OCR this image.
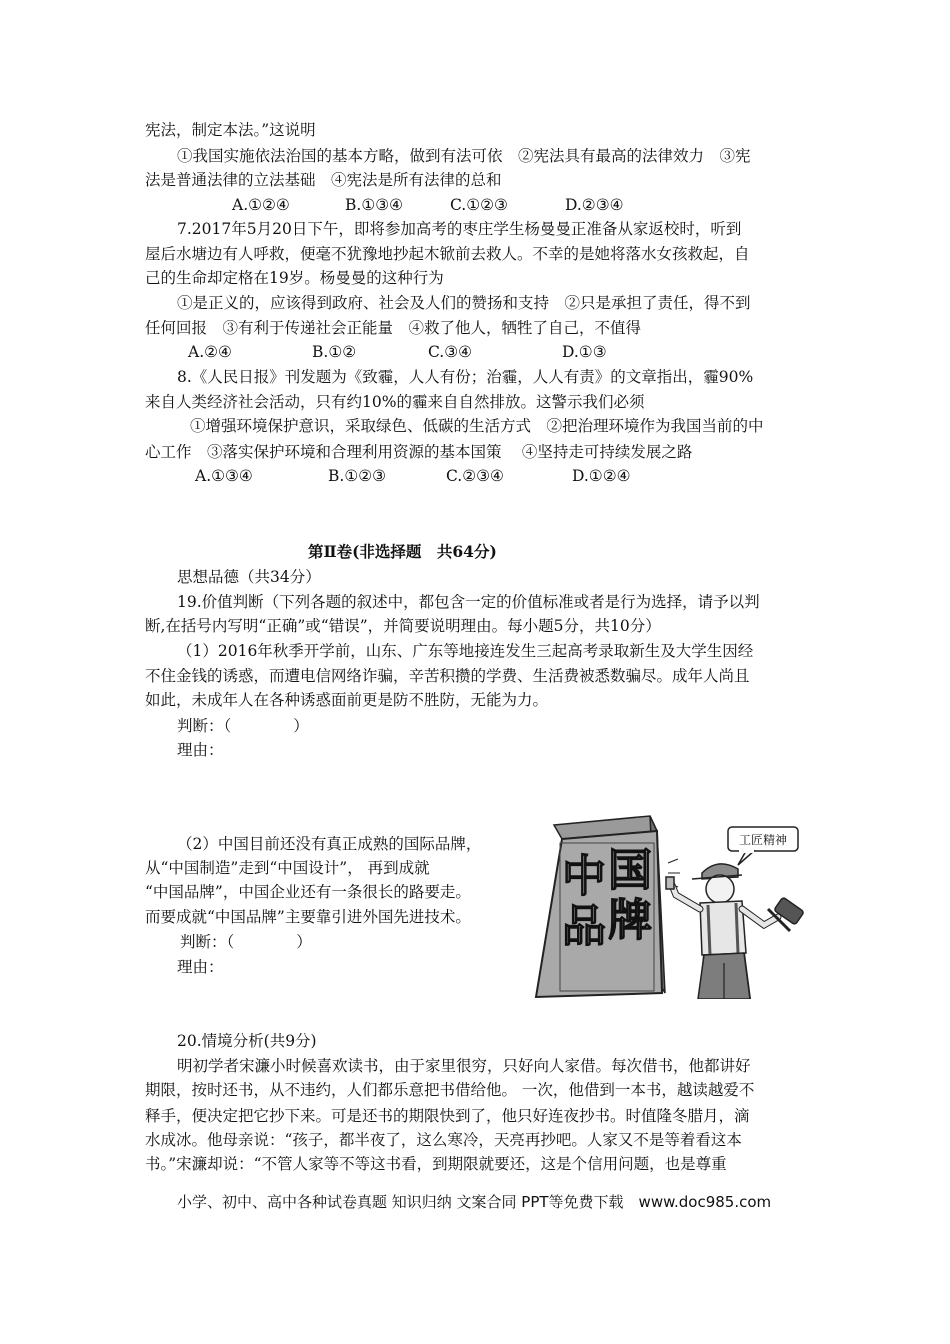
宪法，制定本法。”这说明
①我国实施依法治国的基本方略，做到有法可依　②宪法具有最高的法律效力　③宪
法是普通法律的立法基础　④宪法是所有法律的总和
A.①②④	B.①③④	C.①②③	D.②③④
7.2017年5月20日下午，即将参加高考的枣庄学生杨曼曼正准备从家返校时，听到
屋后水塘边有人呼救，便毫不犹豫地抄起木锨前去救人。不幸的是她将落水女孩救起，自
己的生命却定格在19岁。杨曼曼的这种行为
①是正义的，应该得到政府、社会及人们的赞扬和支持　②只是承担了责任，得不到
任何回报　③有利于传递社会正能量　④救了他人，牺牲了自己，不值得
A.②④	B.①②	C.③④	D.①③
8.《人民日报》刊发题为《致霾，人人有份；治霾，人人有责》的文章指出，霾90%
来自人类经济社会活动，只有约10%的霾来自自然排放。这警示我们必须
①增强环境保护意识，采取绿色、低碳的生活方式　②把治理环境作为我国当前的中
心工作　③落实保护环境和合理利用资源的基本国策　 ④坚持走可持续发展之路
A.①③④	B.①②③	C.②③④	D.①②④
第Ⅱ卷(非选择题　共64分)
思想品德（共34分）
19.价值判断（下列各题的叙述中，都包含一定的价值标准或者是行为选择，请予以判
断,在括号内写明“正确”或“错误”，并简要说明理由。每小题5分，共10分）
（1）2016年秋季开学前，山东、广东等地接连发生三起高考录取新生及大学生因经
不住金钱的诱惑，而遭电信网络诈骗，辛苦积攒的学费、生活费被悉数骗尽。成年人尚且
如此，未成年人在各种诱惑面前更是防不胜防，无能为力。
判断：（　　　　）
理由：
（2）中国目前还没有真正成熟的国际品牌，
从“中国制造”走到“中国设计”， 再到成就
“中国品牌”，中国企业还有一条很长的路要走。
而要成就“中国品牌”主要靠引进外国先进技术。
判断：（　　　　）
理由：
中 国
品 牌
工匠精神
20.情境分析(共9分)
明初学者宋濂小时候喜欢读书，由于家里很穷，只好向人家借。每次借书，他都讲好
期限，按时还书，从不违约，人们都乐意把书借给他。 一次，他借到一本书，越读越爱不
释手，便决定把它抄下来。可是还书的期限快到了，他只好连夜抄书。时值隆冬腊月，滴
水成冰。他母亲说：“孩子，都半夜了，这么寒冷，天亮再抄吧。人家又不是等着看这本
书。”宋濂却说：“不管人家等不等这书看，到期限就要还，这是个信用问题，也是尊重
小学、初中、高中各种试卷真题 知识归纳 文案合同 PPT等免费下载　www.doc985.com
